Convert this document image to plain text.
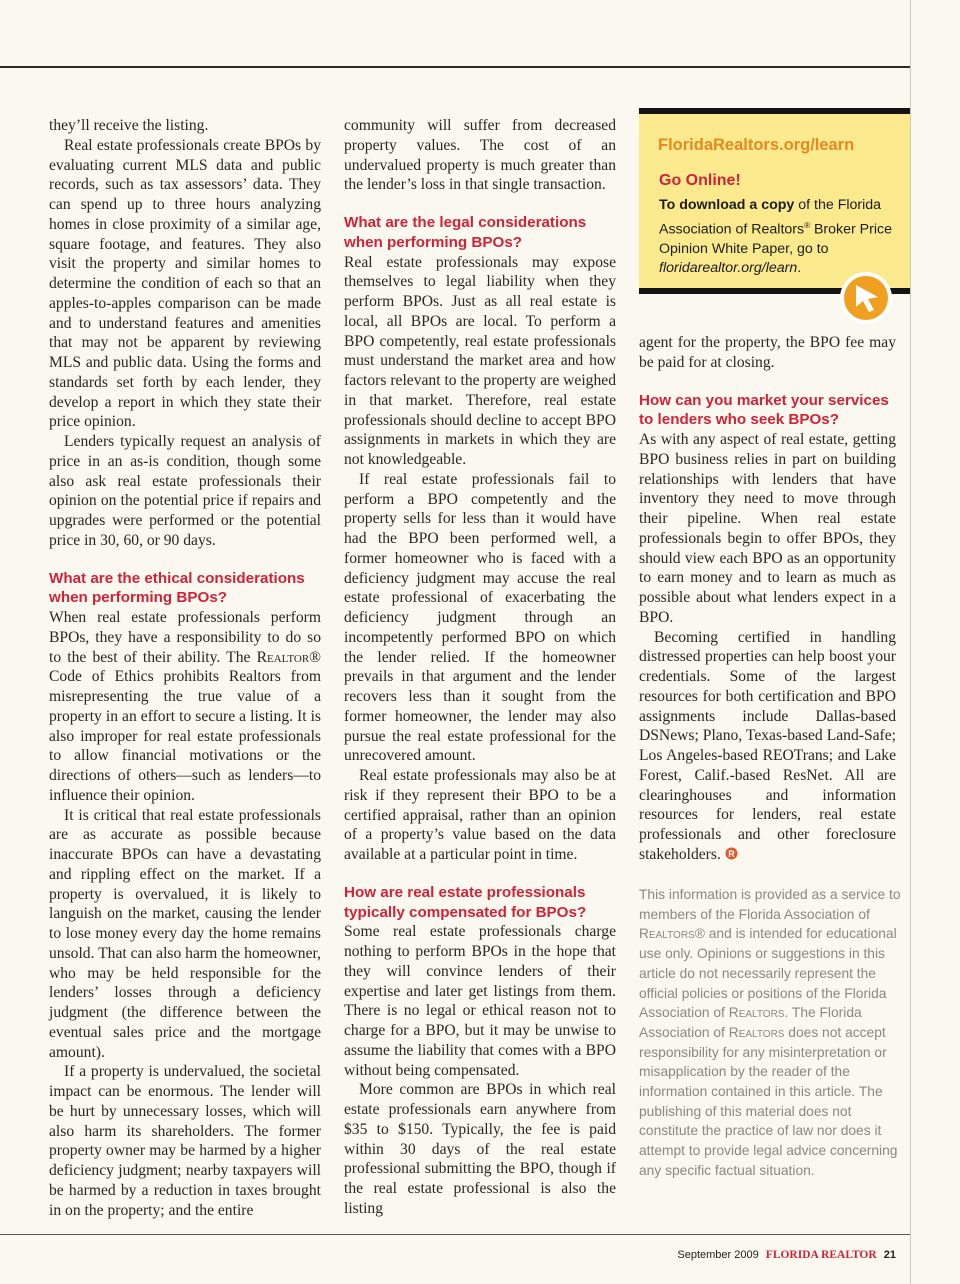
they’ll receive the listing.

Real estate professionals create BPOs by evaluating current MLS data and public records, such as tax assessors’ data. They can spend up to three hours analyzing homes in close proximity of a similar age, square footage, and features. They also visit the property and similar homes to determine the condition of each so that an apples-to-apples comparison can be made and to understand features and amenities that may not be apparent by reviewing MLS and public data. Using the forms and standards set forth by each lender, they develop a report in which they state their price opinion.

Lenders typically request an analysis of price in an as-is condition, though some also ask real estate professionals their opinion on the potential price if repairs and upgrades were performed or the potential price in 30, 60, or 90 days.

What are the ethical considerations when performing BPOs?

When real estate professionals perform BPOs, they have a responsibility to do so to the best of their ability. The Realtor® Code of Ethics prohibits Realtors from misrepresenting the true value of a property in an effort to secure a listing. It is also improper for real estate professionals to allow financial motivations or the directions of others—such as lenders—to influence their opinion.

It is critical that real estate professionals are as accurate as possible because inaccurate BPOs can have a devastating and rippling effect on the market. If a property is overvalued, it is likely to languish on the market, causing the lender to lose money every day the home remains unsold. That can also harm the homeowner, who may be held responsible for the lenders’ losses through a deficiency judgment (the difference between the eventual sales price and the mortgage amount).

If a property is undervalued, the societal impact can be enormous. The lender will be hurt by unnecessary losses, which will also harm its shareholders. The former property owner may be harmed by a higher deficiency judgment; nearby taxpayers will be harmed by a reduction in taxes brought in on the property; and the entire

community will suffer from decreased property values. The cost of an undervalued property is much greater than the lender’s loss in that single transaction.

What are the legal considerations when performing BPOs?

Real estate professionals may expose themselves to legal liability when they perform BPOs. Just as all real estate is local, all BPOs are local. To perform a BPO competently, real estate professionals must understand the market area and how factors relevant to the property are weighed in that market. Therefore, real estate professionals should decline to accept BPO assignments in markets in which they are not knowledgeable.

If real estate professionals fail to perform a BPO competently and the property sells for less than it would have had the BPO been performed well, a former homeowner who is faced with a deficiency judgment may accuse the real estate professional of exacerbating the deficiency judgment through an incompetently performed BPO on which the lender relied. If the homeowner prevails in that argument and the lender recovers less than it sought from the former homeowner, the lender may also pursue the real estate professional for the unrecovered amount.

Real estate professionals may also be at risk if they represent their BPO to be a certified appraisal, rather than an opinion of a property’s value based on the data available at a particular point in time.

How are real estate professionals typically compensated for BPOs?

Some real estate professionals charge nothing to perform BPOs in the hope that they will convince lenders of their expertise and later get listings from them. There is no legal or ethical reason not to charge for a BPO, but it may be unwise to assume the liability that comes with a BPO without being compensated.

More common are BPOs in which real estate professionals earn anywhere from $35 to $150. Typically, the fee is paid within 30 days of the real estate professional submitting the BPO, though if the real estate professional is also the listing

FloridaRealtors.org/learn
Go Online!
To download a copy of the Florida Association of Realtors® Broker Price Opinion White Paper, go to floridarealtor.org/learn.

agent for the property, the BPO fee may be paid for at closing.

How can you market your services to lenders who seek BPOs?

As with any aspect of real estate, getting BPO business relies in part on building relationships with lenders that have inventory they need to move through their pipeline. When real estate professionals begin to offer BPOs, they should view each BPO as an opportunity to earn money and to learn as much as possible about what lenders expect in a BPO.

Becoming certified in handling distressed properties can help boost your credentials. Some of the largest resources for both certification and BPO assignments include Dallas-based DSNews; Plano, Texas-based Land-Safe; Los Angeles-based REOTrans; and Lake Forest, Calif.-based ResNet. All are clearinghouses and information resources for lenders, real estate professionals and other foreclosure stakeholders. R

This information is provided as a service to members of the Florida Association of Realtors® and is intended for educational use only. Opinions or suggestions in this article do not necessarily represent the official policies or positions of the Florida Association of Realtors. The Florida Association of Realtors does not accept responsibility for any misinterpretation or misapplication by the reader of the information contained in this article. The publishing of this material does not constitute the practice of law nor does it attempt to provide legal advice concerning any specific factual situation.
September 2009 FLORIDA REALTOR 21
